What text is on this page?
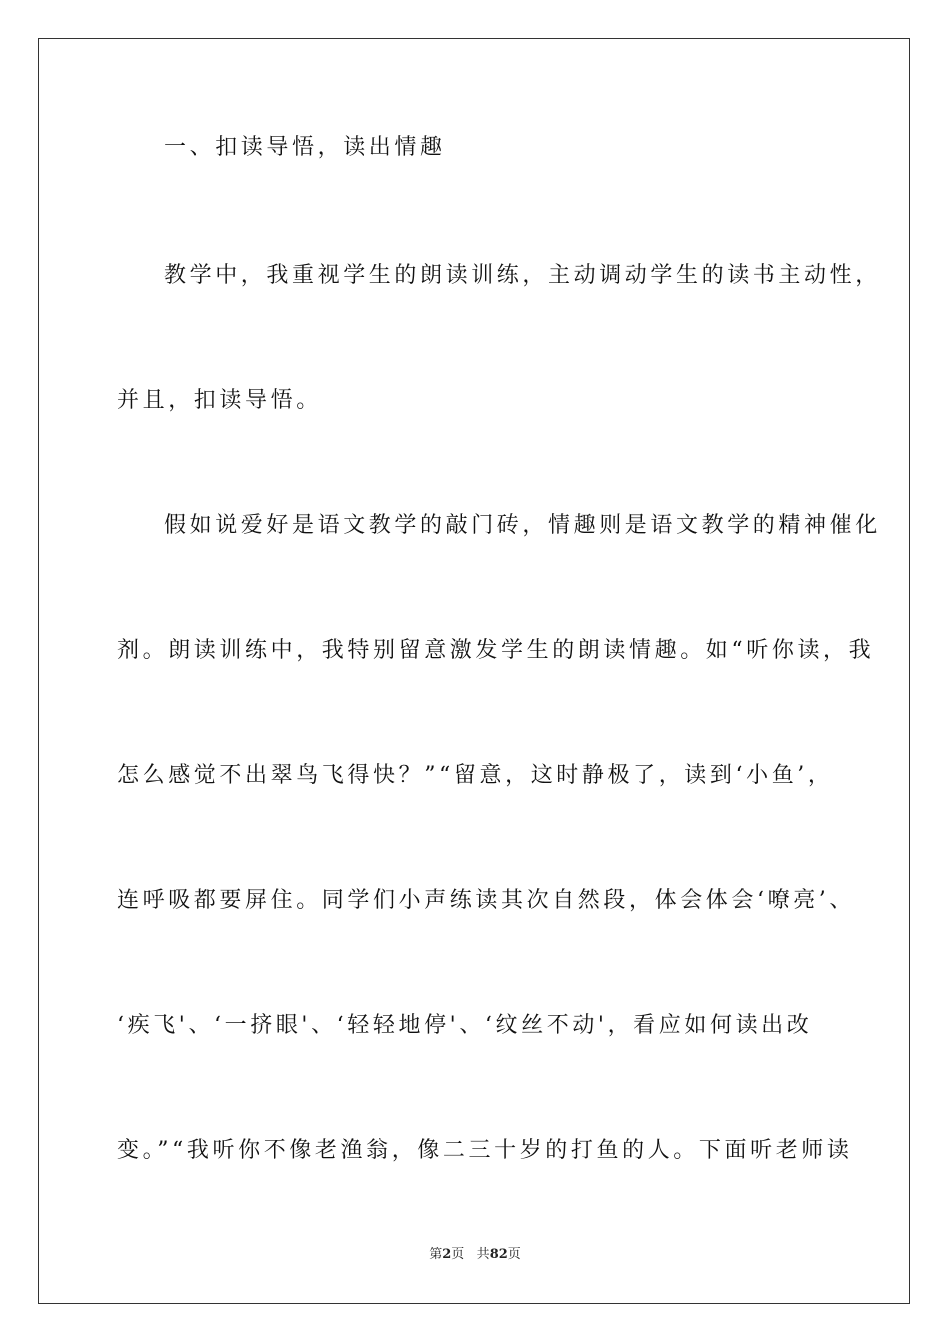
一、扣读导悟，读出情趣
教学中，我重视学生的朗读训练，主动调动学生的读书主动性，
并且，扣读导悟。
假如说爱好是语文教学的敲门砖，情趣则是语文教学的精神催化
剂。朗读训练中，我特别留意激发学生的朗读情趣。如“听你读，我
怎么感觉不出翠鸟飞得快？”“留意，这时静极了，读到‘小鱼’，
连呼吸都要屏住。同学们小声练读其次自然段，体会体会‘嘹亮’、
‘疾飞'、‘一挤眼'、‘轻轻地停'、‘纹丝不动'，看应如何读出改
变。”“我听你不像老渔翁，像二三十岁的打鱼的人。下面听老师读
第2页 共82页
